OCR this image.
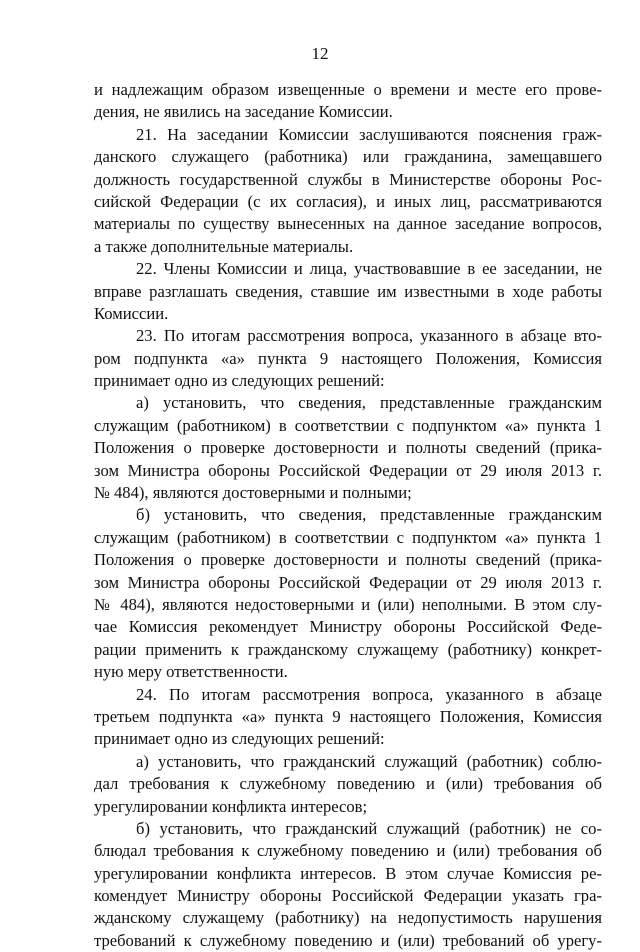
12
и надлежащим образом извещенные о времени и месте его прове-
дения, не явились на заседание Комиссии.
21. На заседании Комиссии заслушиваются пояснения граж-
данского служащего (работника) или гражданина, замещавшего
должность государственной службы в Министерстве обороны Рос-
сийской Федерации (с их согласия), и иных лиц, рассматриваются
материалы по существу вынесенных на данное заседание вопросов,
а также дополнительные материалы.
22. Члены Комиссии и лица, участвовавшие в ее заседании, не
вправе разглашать сведения, ставшие им известными в ходе работы
Комиссии.
23. По итогам рассмотрения вопроса, указанного в абзаце вто-
ром подпункта «а» пункта 9 настоящего Положения, Комиссия
принимает одно из следующих решений:
а) установить, что сведения, представленные гражданским
служащим (работником) в соответствии с подпунктом «а» пункта 1
Положения о проверке достоверности и полноты сведений (прика-
зом Министра обороны Российской Федерации от 29 июля 2013 г.
№ 484), являются достоверными и полными;
б) установить, что сведения, представленные гражданским
служащим (работником) в соответствии с подпунктом «а» пункта 1
Положения о проверке достоверности и полноты сведений (прика-
зом Министра обороны Российской Федерации от 29 июля 2013 г.
№ 484), являются недостоверными и (или) неполными. В этом слу-
чае Комиссия рекомендует Министру обороны Российской Феде-
рации применить к гражданскому служащему (работнику) конкрет-
ную меру ответственности.
24. По итогам рассмотрения вопроса, указанного в абзаце
третьем подпункта «а» пункта 9 настоящего Положения, Комиссия
принимает одно из следующих решений:
а) установить, что гражданский служащий (работник) соблю-
дал требования к служебному поведению и (или) требования об
урегулировании конфликта интересов;
б) установить, что гражданский служащий (работник) не со-
блюдал требования к служебному поведению и (или) требования об
урегулировании конфликта интересов. В этом случае Комиссия ре-
комендует Министру обороны Российской Федерации указать гра-
жданскому служащему (работнику) на недопустимость нарушения
требований к служебному поведению и (или) требований об урегу-
